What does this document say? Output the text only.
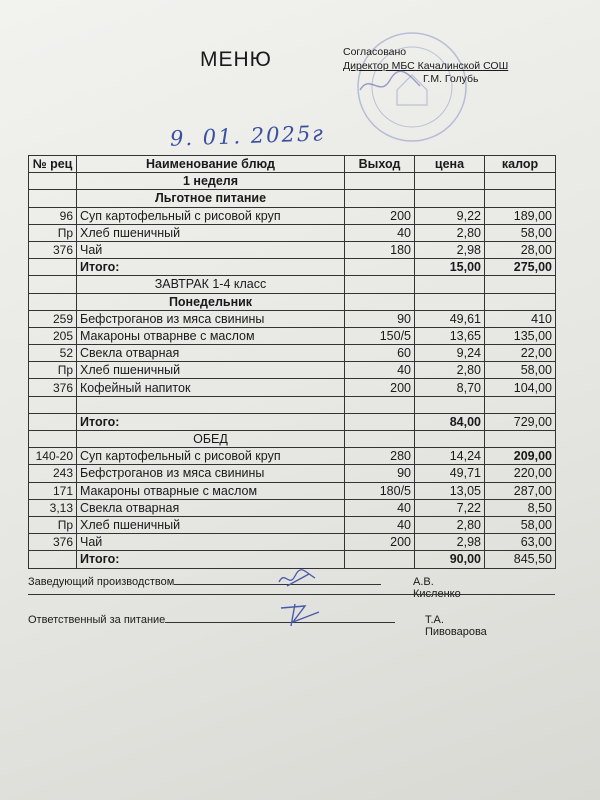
МЕНЮ	Согласовано
Директор МБС Качалинской СОШ
Г.М. Голубь
9. 01. 2025г
№ рец	Наименование блюд	Выход	цена	калор
	1 неделя			
	Льготное питание			
96	Суп картофельный с рисовой круп	200	9,22	189,00
Пр	Хлеб пшеничный	40	2,80	58,00
376	Чай	180	2,98	28,00
	Итого:		15,00	275,00
	ЗАВТРАК 1-4 класс			
	Понедельник			
259	Бефстроганов из мяса свинины	90	49,61	410
205	Макароны отварнве с маслом	150/5	13,65	135,00
52	Свекла отварная	60	9,24	22,00
Пр	Хлеб пшеничный	40	2,80	58,00
376	Кофейный напиток	200	8,70	104,00

	Итого:		84,00	729,00
	ОБЕД			
140-20	Суп картофельный с рисовой круп	280	14,24	209,00
243	Бефстроганов из мяса свинины	90	49,71	220,00
171	Макароны отварные с маслом	180/5	13,05	287,00
3,13	Свекла отварная	40	7,22	8,50
Пр	Хлеб пшеничный	40	2,80	58,00
376	Чай	200	2,98	63,00
	Итого:		90,00	845,50
Заведующий производством	А.В. Кисленко
Ответственный за питание	Т.А. Пивоварова
